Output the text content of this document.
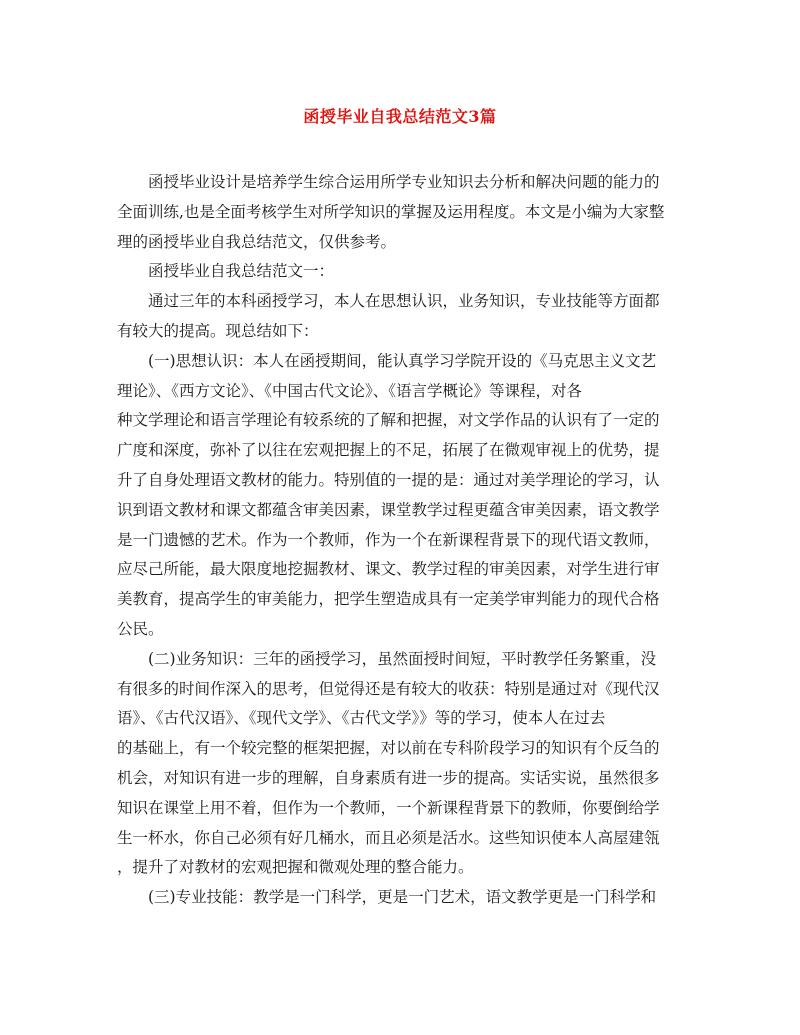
函授毕业自我总结范文3篇
　　函授毕业设计是培养学生综合运用所学专业知识去分析和解决问题的能力的
全面训练,也是全面考核学生对所学知识的掌握及运用程度。本文是小编为大家整
理的函授毕业自我总结范文，仅供参考。
　　函授毕业自我总结范文一：
　　通过三年的本科函授学习，本人在思想认识，业务知识，专业技能等方面都
有较大的提高。现总结如下：
　　(一)思想认识：本人在函授期间，能认真学习学院开设的《马克思主义文艺
理论》、《西方文论》、《中国古代文论》、《语言学概论》等课程，对各
种文学理论和语言学理论有较系统的了解和把握，对文学作品的认识有了一定的
广度和深度，弥补了以往在宏观把握上的不足，拓展了在微观审视上的优势，提
升了自身处理语文教材的能力。特别值的一提的是：通过对美学理论的学习，认
识到语文教材和课文都蕴含审美因素，课堂教学过程更蕴含审美因素，语文教学
是一门遗憾的艺术。作为一个教师，作为一个在新课程背景下的现代语文教师，
应尽己所能，最大限度地挖掘教材、课文、教学过程的审美因素，对学生进行审
美教育，提高学生的审美能力，把学生塑造成具有一定美学审判能力的现代合格
公民。
　　(二)业务知识：三年的函授学习，虽然面授时间短，平时教学任务繁重，没
有很多的时间作深入的思考，但觉得还是有较大的收获：特别是通过对《现代汉
语》、《古代汉语》、《现代文学》、《古代文学》》等的学习，使本人在过去
的基础上，有一个较完整的框架把握，对以前在专科阶段学习的知识有个反刍的
机会，对知识有进一步的理解，自身素质有进一步的提高。实话实说，虽然很多
知识在课堂上用不着，但作为一个教师，一个新课程背景下的教师，你要倒给学
生一杯水，你自己必须有好几桶水，而且必须是活水。这些知识使本人高屋建瓴
，提升了对教材的宏观把握和微观处理的整合能力。
　　(三)专业技能：教学是一门科学，更是一门艺术，语文教学更是一门科学和
